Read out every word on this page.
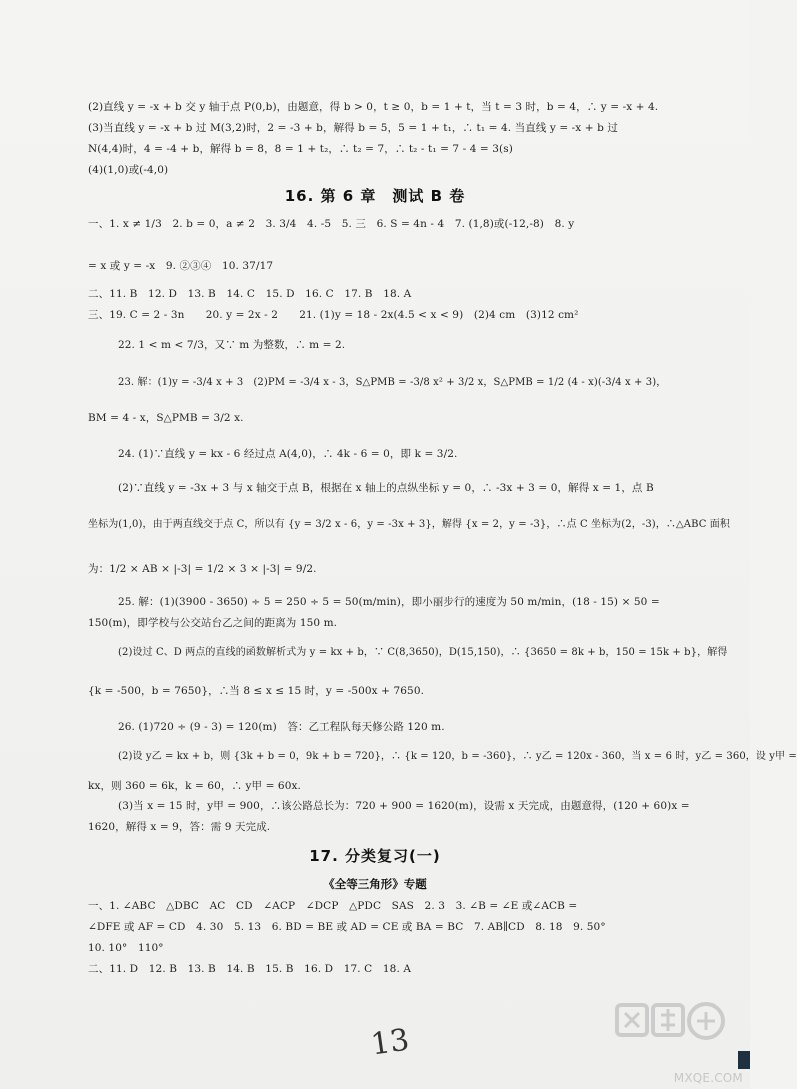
(2)直线 y = -x + b 交 y 轴于点 P(0,b)，由题意，得 b > 0，t ≥ 0，b = 1 + t，当 t = 3 时，b = 4，∴ y = -x + 4.
(3)当直线 y = -x + b 过 M(3,2)时，2 = -3 + b，解得 b = 5，5 = 1 + t₁，∴ t₁ = 4. 当直线 y = -x + b 过
N(4,4)时，4 = -4 + b，解得 b = 8，8 = 1 + t₂，∴ t₂ = 7，∴ t₂ - t₁ = 7 - 4 = 3(s)
(4)(1,0)或(-4,0)
16. 第 6 章　测试 B 卷
一、1. x ≠ 1/3　2. b = 0，a ≠ 2　3. 3/4　4. -5　5. 三　6. S = 4n - 4　7. (1,8)或(-12,-8)　8. y
= x 或 y = -x　9. ②③④　10. 37/17
二、11. B　12. D　13. B　14. C　15. D　16. C　17. B　18. A
三、19. C = 2 - 3n　　20. y = 2x - 2　　21. (1)y = 18 - 2x(4.5 < x < 9)　(2)4 cm　(3)12 cm²
22. 1 < m < 7/3，又∵ m 为整数，∴ m = 2.
23. 解：(1)y = -3/4 x + 3　(2)PM = -3/4 x - 3，S△PMB = -3/8 x² + 3/2 x，S△PMB = 1/2 (4 - x)(-3/4 x + 3)，
BM = 4 - x，S△PMB = 3/2 x.
24. (1)∵直线 y = kx - 6 经过点 A(4,0)，∴ 4k - 6 = 0，即 k = 3/2.
(2)∵直线 y = -3x + 3 与 x 轴交于点 B，根据在 x 轴上的点纵坐标 y = 0，∴ -3x + 3 = 0，解得 x = 1，点 B
坐标为(1,0)，由于两直线交于点 C，所以有 {y = 3/2 x - 6，y = -3x + 3}，解得 {x = 2，y = -3}，∴点 C 坐标为(2，-3)，∴△ABC 面积
为：1/2 × AB × |-3| = 1/2 × 3 × |-3| = 9/2.
25. 解：(1)(3900 - 3650) ÷ 5 = 250 ÷ 5 = 50(m/min)，即小丽步行的速度为 50 m/min，(18 - 15) × 50 =
150(m)，即学校与公交站台乙之间的距离为 150 m.
(2)设过 C、D 两点的直线的函数解析式为 y = kx + b，∵ C(8,3650)，D(15,150)，∴ {3650 = 8k + b，150 = 15k + b}，解得
{k = -500，b = 7650}，∴当 8 ≤ x ≤ 15 时，y = -500x + 7650.
26. (1)720 ÷ (9 - 3) = 120(m)　答：乙工程队每天修公路 120 m.
(2)设 y乙 = kx + b，则 {3k + b = 0，9k + b = 720}，∴ {k = 120，b = -360}，∴ y乙 = 120x - 360，当 x = 6 时，y乙 = 360，设 y甲 =
kx，则 360 = 6k，k = 60，∴ y甲 = 60x.
(3)当 x = 15 时，y甲 = 900，∴该公路总长为：720 + 900 = 1620(m)，设需 x 天完成，由题意得，(120 + 60)x =
1620，解得 x = 9，答：需 9 天完成.
17. 分类复习(一)
《全等三角形》专题
一、1. ∠ABC　△DBC　AC　CD　∠ACP　∠DCP　△PDC　SAS　2. 3　3. ∠B = ∠E 或∠ACB =
∠DFE 或 AF = CD　4. 30　5. 13　6. BD = BE 或 AD = CE 或 BA = BC　7. AB∥CD　8. 18　9. 50°
10. 10°　110°
二、11. D　12. B　13. B　14. B　15. B　16. D　17. C　18. A
13
MXQE.COM
